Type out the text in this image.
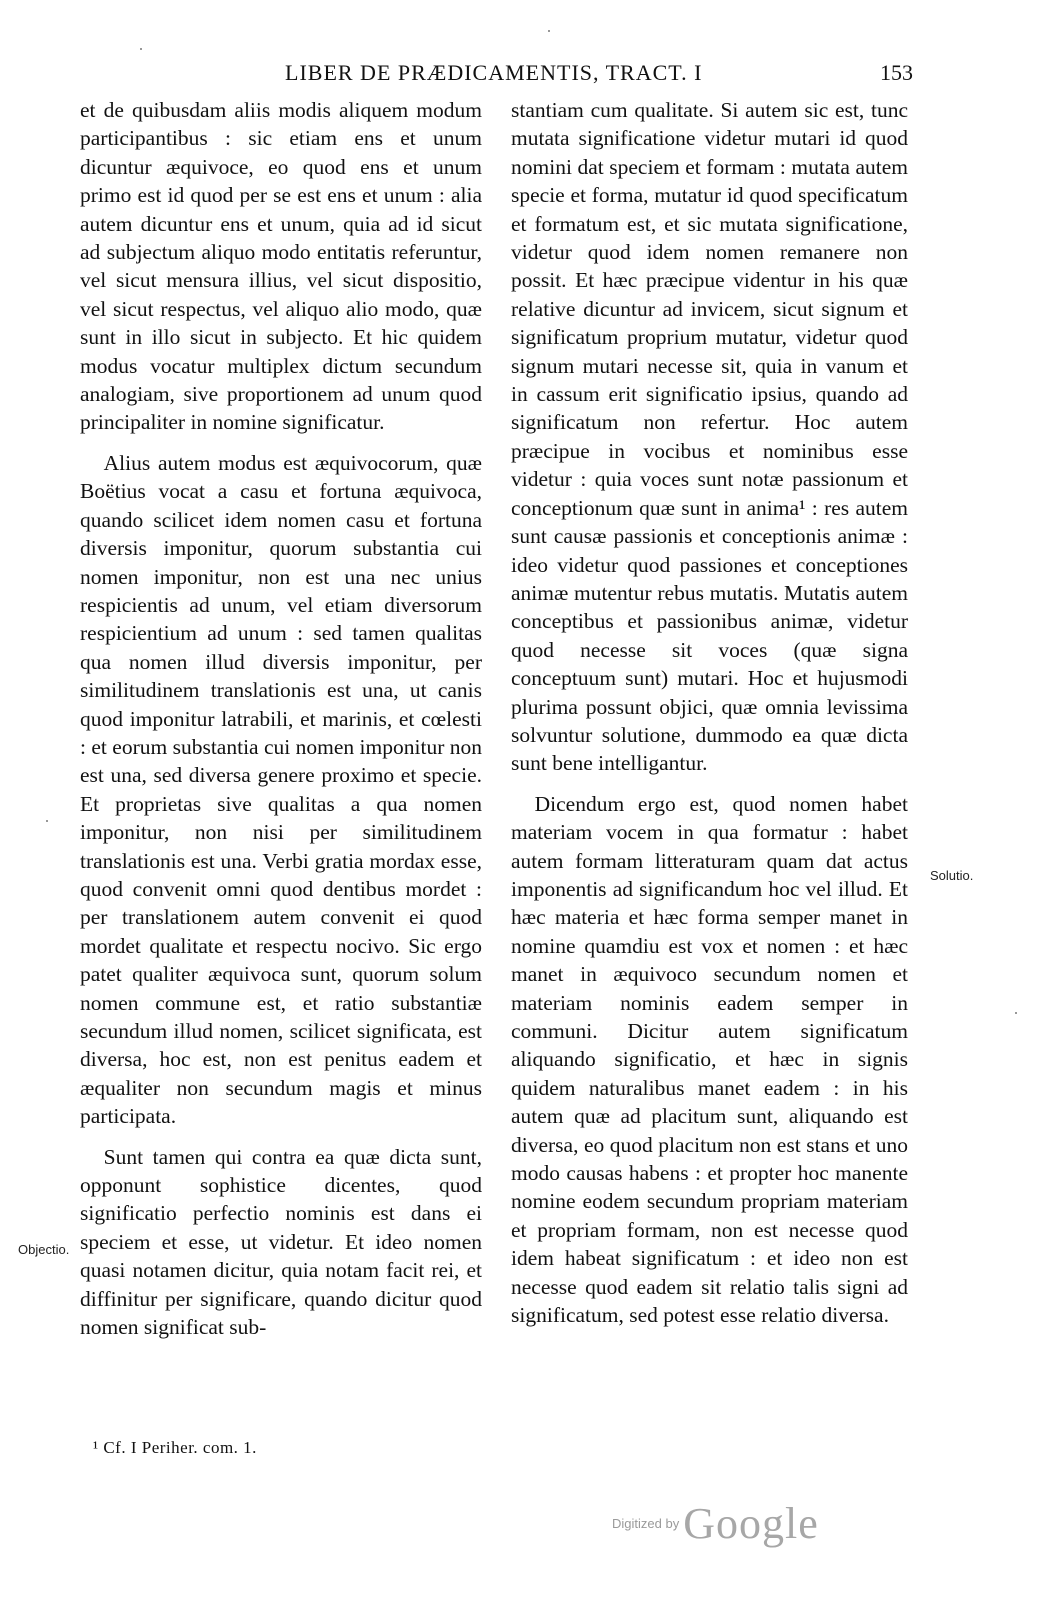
LIBER DE PRÆDICAMENTIS, TRACT. I	153

et de quibusdam aliis modis aliquem modum participantibus : sic etiam ens et unum dicuntur æquivoce, eo quod ens et unum primo est id quod per se est ens et unum : alia autem dicuntur ens et unum, quia ad id sicut ad subjectum aliquo modo entitatis referuntur, vel sicut mensura illius, vel sicut dispositio, vel sicut respectus, vel aliquo alio modo, quæ sunt in illo sicut in subjecto. Et hic quidem modus vocatur multiplex dictum secundum analogiam, sive proportionem ad unum quod principaliter in nomine significatur.

Alius autem modus est æquivocorum, quæ Boëtius vocat a casu et fortuna æquivoca, quando scilicet idem nomen casu et fortuna diversis imponitur, quorum substantia cui nomen imponitur, non est una nec unius respicientis ad unum, vel etiam diversorum respicientium ad unum : sed tamen qualitas qua nomen illud diversis imponitur, per similitudinem translationis est una, ut canis quod imponitur latrabili, et marinis, et cœlesti : et eorum substantia cui nomen imponitur non est una, sed diversa genere proximo et specie. Et proprietas sive qualitas a qua nomen imponitur, non nisi per similitudinem translationis est una. Verbi gratia mordax esse, quod convenit omni quod dentibus mordet : per translationem autem convenit ei quod mordet qualitate et respectu nocivo. Sic ergo patet qualiter æquivoca sunt, quorum solum nomen commune est, et ratio substantiæ secundum illud nomen, scilicet significata, est diversa, hoc est, non est penitus eadem et æqualiter non secundum magis et minus participata.

Sunt tamen qui contra ea quæ dicta sunt, opponunt sophistice dicentes, quod significatio perfectio nominis est dans ei speciem et esse, ut videtur. Et ideo nomen quasi notamen dicitur, quia notam facit rei, et diffinitur per significare, quando dicitur quod nomen significat sub-

stantiam cum qualitate. Si autem sic est, tunc mutata significatione videtur mutari id quod nomini dat speciem et formam : mutata autem specie et forma, mutatur id quod specificatum et formatum est, et sic mutata significatione, videtur quod idem nomen remanere non possit. Et hæc præcipue videntur in his quæ relative dicuntur ad invicem, sicut signum et significatum proprium mutatur, videtur quod signum mutari necesse sit, quia in vanum et in cassum erit significatio ipsius, quando ad significatum non refertur. Hoc autem præcipue in vocibus et nominibus esse videtur : quia voces sunt notæ passionum et conceptionum quæ sunt in anima¹ : res autem sunt causæ passionis et conceptionis animæ : ideo videtur quod passiones et conceptiones animæ mutentur rebus mutatis. Mutatis autem conceptibus et passionibus animæ, videtur quod necesse sit voces (quæ signa conceptuum sunt) mutari. Hoc et hujusmodi plurima possunt objici, quæ omnia levissima solvuntur solutione, dummodo ea quæ dicta sunt bene intelligantur.

Dicendum ergo est, quod nomen habet materiam vocem in qua formatur : habet autem formam litteraturam quam dat actus imponentis ad significandum hoc vel illud. Et hæc materia et hæc forma semper manet in nomine quamdiu est vox et nomen : et hæc manet in æquivoco secundum nomen et materiam nominis eadem semper in communi. Dicitur autem significatum aliquando significatio, et hæc in signis quidem naturalibus manet eadem : in his autem quæ ad placitum sunt, aliquando est diversa, eo quod placitum non est stans et uno modo causas habens : et propter hoc manente nomine eodem secundum propriam materiam et propriam formam, non est necesse quod idem habeat significatum : et ideo non est necesse quod eadem sit relatio talis signi ad significatum, sed potest esse relatio diversa.

Objectio.
Solutio.
¹ Cf. I Periher. com. 1.
Digitized by Google
